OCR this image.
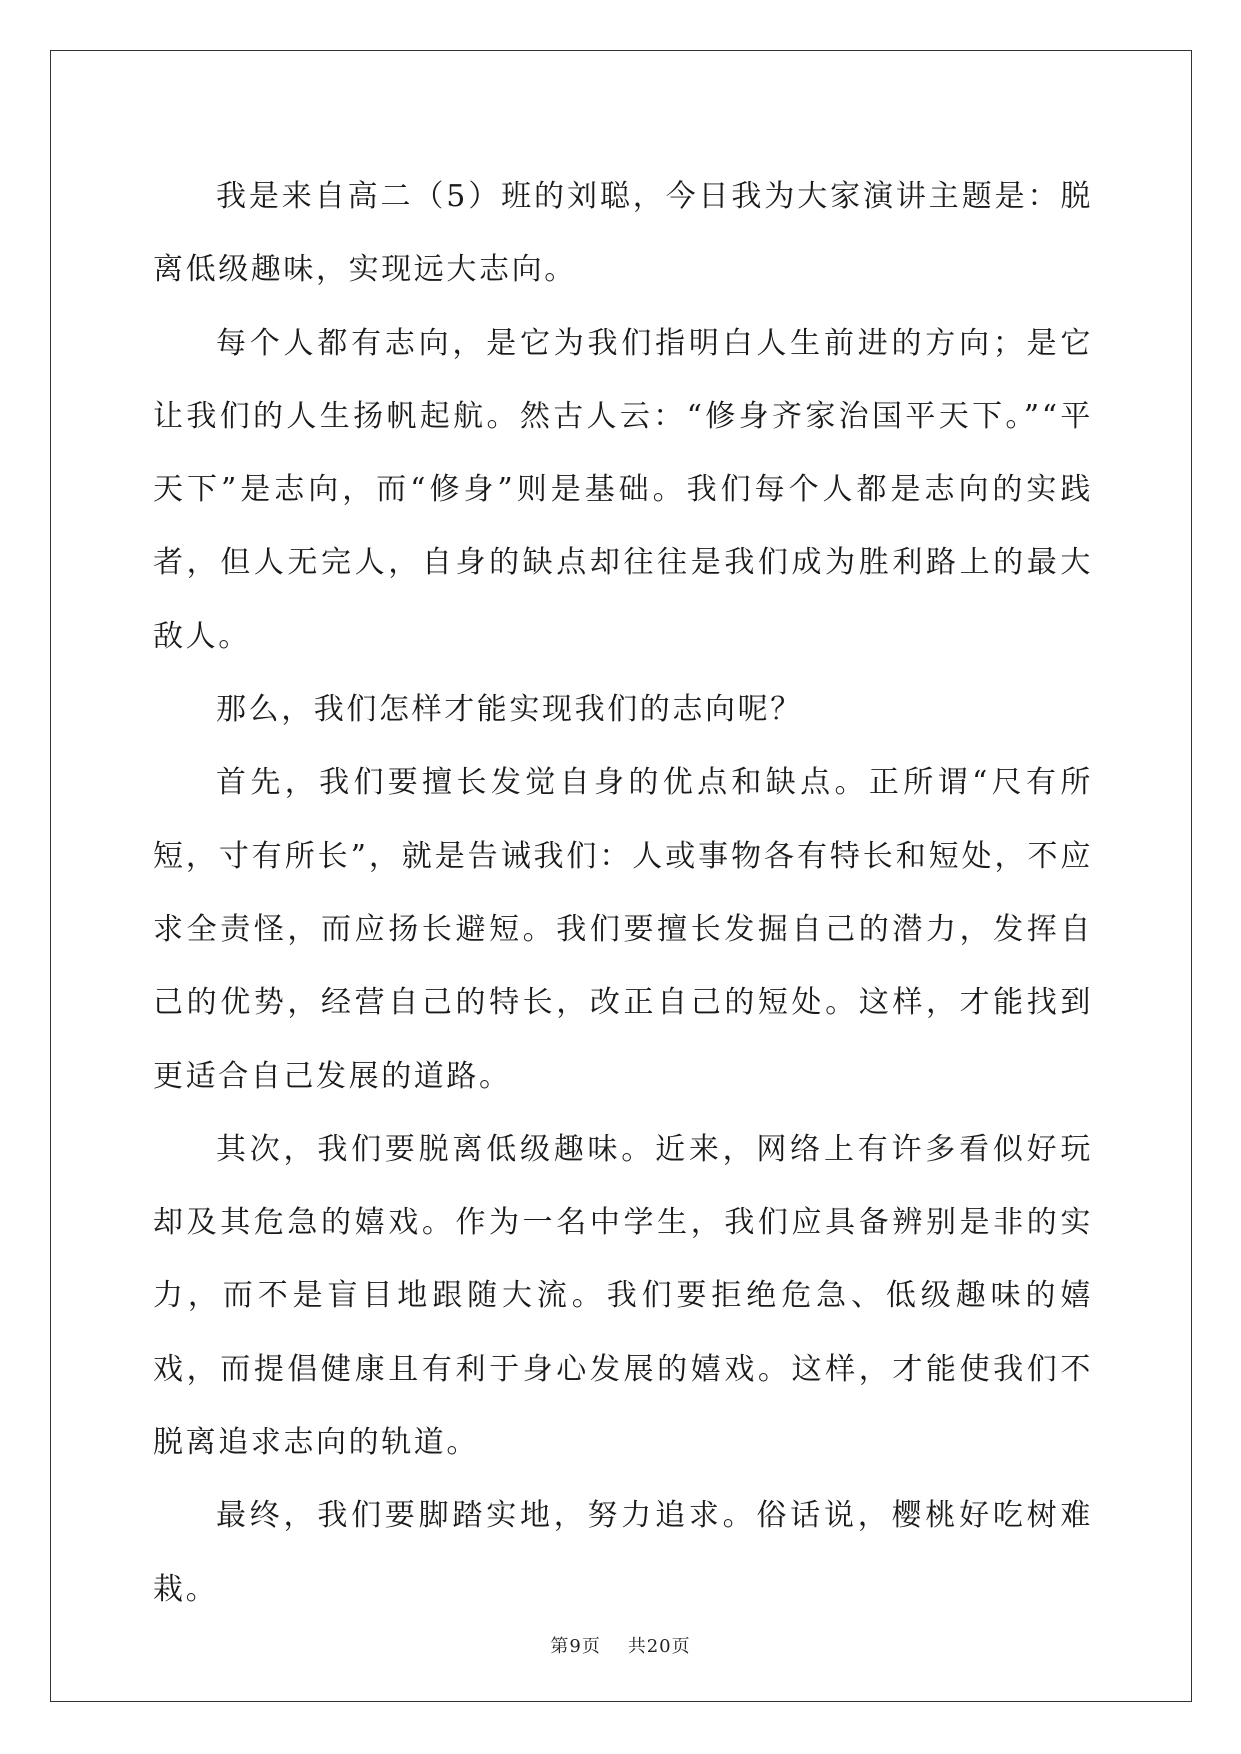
我是来自高二（5）班的刘聪，今日我为大家演讲主题是：脱离低级趣味，实现远大志向。

每个人都有志向，是它为我们指明白人生前进的方向；是它让我们的人生扬帆起航。然古人云：“修身齐家治国平天下。”“平天下”是志向，而“修身”则是基础。我们每个人都是志向的实践者，但人无完人，自身的缺点却往往是我们成为胜利路上的最大敌人。

那么，我们怎样才能实现我们的志向呢？

首先，我们要擅长发觉自身的优点和缺点。正所谓“尺有所短，寸有所长”，就是告诫我们：人或事物各有特长和短处，不应求全责怪，而应扬长避短。我们要擅长发掘自己的潜力，发挥自己的优势，经营自己的特长，改正自己的短处。这样，才能找到更适合自己发展的道路。

其次，我们要脱离低级趣味。近来，网络上有许多看似好玩却及其危急的嬉戏。作为一名中学生，我们应具备辨别是非的实力，而不是盲目地跟随大流。我们要拒绝危急、低级趣味的嬉戏，而提倡健康且有利于身心发展的嬉戏。这样，才能使我们不脱离追求志向的轨道。

最终，我们要脚踏实地，努力追求。俗话说，樱桃好吃树难栽。

第9页 共20页
